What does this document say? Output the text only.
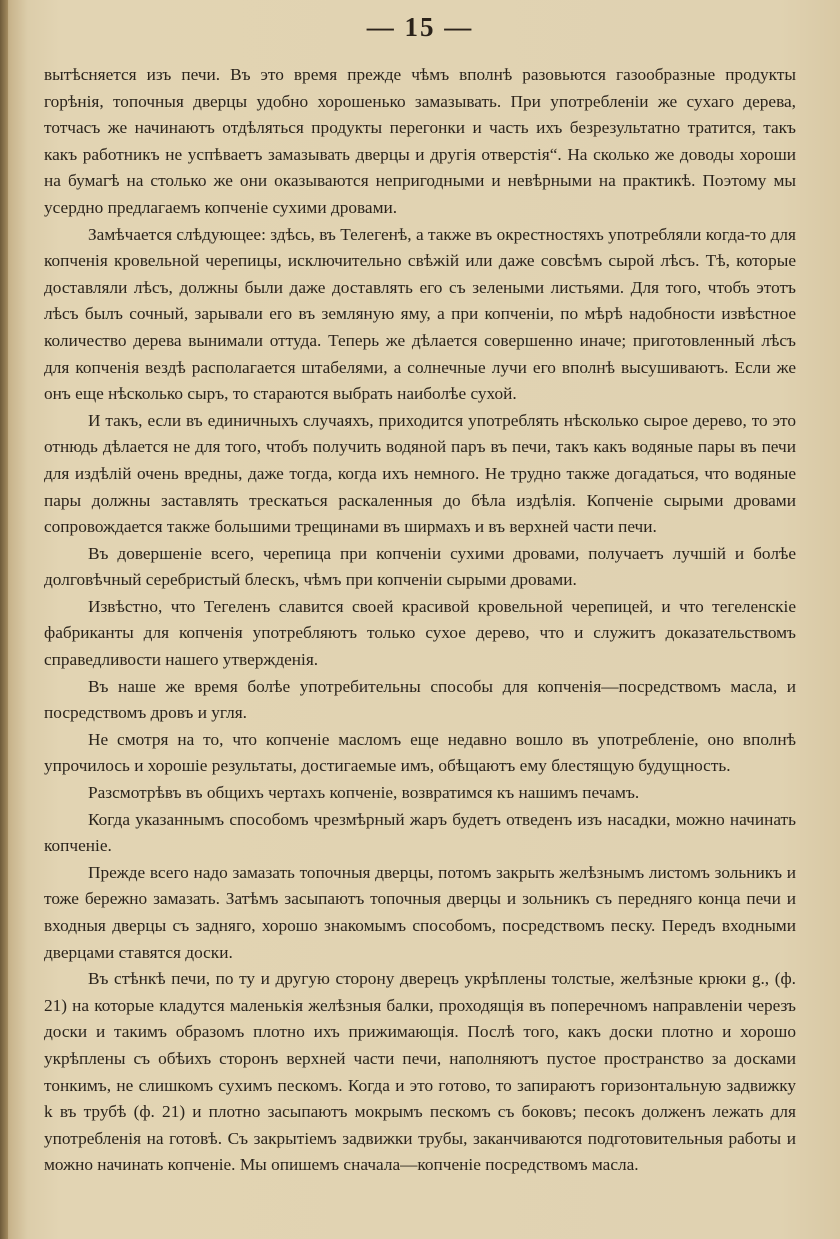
— 15 —

вытѣсняется изъ печи. Въ это время прежде чѣмъ вполнѣ разовьются газообразные продукты горѣнія, топочныя дверцы удобно хорошенько замазывать. При употребленіи же сухаго дерева, тотчасъ же начинаютъ отдѣляться продукты перегонки и часть ихъ безрезультатно тратится, такъ какъ работникъ не успѣваетъ замазывать дверцы и другія отверстія“. На сколько же доводы хороши на бумагѣ на столько же они оказываются непригодными и невѣрными на практикѣ. Поэтому мы усердно предлагаемъ копченіе сухими дровами.

Замѣчается слѣдующее: здѣсь, въ Телегенѣ, а также въ окрестностяхъ употребляли когда-то для копченія кровельной черепицы, исключительно свѣжій или даже совсѣмъ сырой лѣсъ. Тѣ, которые доставляли лѣсъ, должны были даже доставлять его съ зелеными листьями. Для того, чтобъ этотъ лѣсъ былъ сочный, зарывали его въ земляную яму, а при копченіи, по мѣрѣ надобности извѣстное количество дерева вынимали оттуда. Теперь же дѣлается совершенно иначе; приготовленный лѣсъ для копченія вездѣ располагается штабелями, а солнечные лучи его вполнѣ высушиваютъ. Если же онъ еще нѣсколько сыръ, то стараются выбрать наиболѣе сухой.

И такъ, если въ единичныхъ случаяхъ, приходится употреблять нѣсколько сырое дерево, то это отнюдь дѣлается не для того, чтобъ получить водяной паръ въ печи, такъ какъ водяные пары въ печи для издѣлій очень вредны, даже тогда, когда ихъ немного. Не трудно также догадаться, что водяные пары должны заставлять трескаться раскаленныя до бѣла издѣлія. Копченіе сырыми дровами сопровождается также большими трещинами въ ширмахъ и въ верхней части печи.

Въ довершеніе всего, черепица при копченіи сухими дровами, получаетъ лучшій и болѣе долговѣчный серебристый блескъ, чѣмъ при копченіи сырыми дровами.

Извѣстно, что Тегеленъ славится своей красивой кровельной черепицей, и что тегеленскіе фабриканты для копченія употребляютъ только сухое дерево, что и служитъ доказательствомъ справедливости нашего утвержденія.

Въ наше же время болѣе употребительны способы для копченія—посредствомъ масла, и посредствомъ дровъ и угля.

Не смотря на то, что копченіе масломъ еще недавно вошло въ употребленіе, оно вполнѣ упрочилось и хорошіе результаты, достигаемые имъ, обѣщаютъ ему блестящую будущность.

Разсмотрѣвъ въ общихъ чертахъ копченіе, возвратимся къ нашимъ печамъ.

Когда указаннымъ способомъ чрезмѣрный жаръ будетъ отведенъ изъ насадки, можно начинать копченіе.

Прежде всего надо замазать топочныя дверцы, потомъ закрыть желѣзнымъ листомъ зольникъ и тоже бережно замазать. Затѣмъ засыпаютъ топочныя дверцы и зольникъ съ передняго конца печи и входныя дверцы съ задняго, хорошо знакомымъ способомъ, посредствомъ песку. Передъ входными дверцами ставятся доски.

Въ стѣнкѣ печи, по ту и другую сторону дверецъ укрѣплены толстые, желѣзные крюки g., (ф. 21) на которые кладутся маленькія желѣзныя балки, проходящія въ поперечномъ направленіи черезъ доски и такимъ образомъ плотно ихъ прижимающія. Послѣ того, какъ доски плотно и хорошо укрѣплены съ обѣихъ сторонъ верхней части печи, наполняютъ пустое пространство за досками тонкимъ, не слишкомъ сухимъ пескомъ. Когда и это готово, то запираютъ горизонтальную задвижку k въ трубѣ (ф. 21) и плотно засыпаютъ мокрымъ пескомъ съ боковъ; песокъ долженъ лежать для употребленія на готовѣ. Съ закрытіемъ задвижки трубы, заканчиваются подготовительныя работы и можно начинать копченіе. Мы опишемъ сначала—копченіе посредствомъ масла.
